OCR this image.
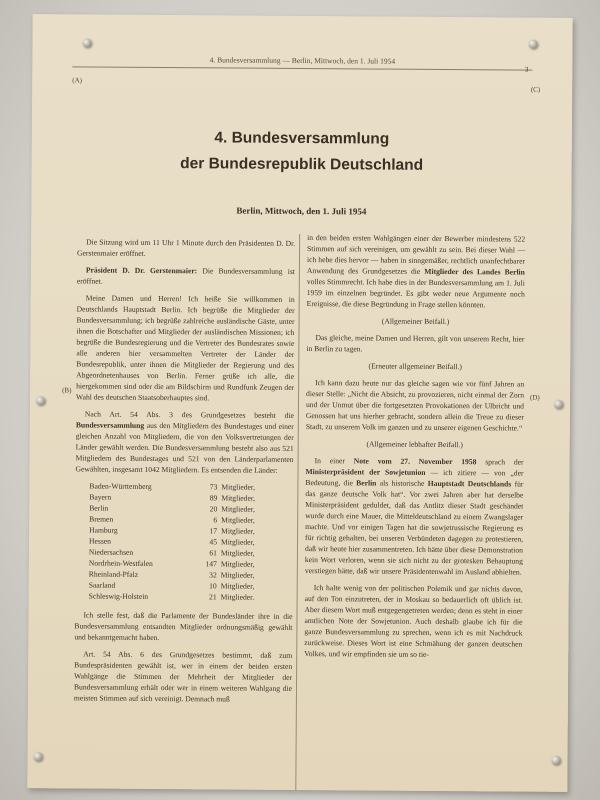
4. Bundesversammlung — Berlin, Mittwoch, den 1. Juli 1954
3
(A)
(C)
(B)
(D)
4. Bundesversammlung
der Bundesrepublik Deutschland
Berlin, Mittwoch, den 1. Juli 1954

Die Sitzung wird um 11 Uhr 1 Minute durch den Präsidenten D. Dr. Gerstenmaier eröffnet.

Präsident D. Dr. Gerstenmaier: Die Bundesversammlung ist eröffnet.

Meine Damen und Herren! Ich heiße Sie willkommen in Deutschlands Hauptstadt Berlin. Ich begrüße die Mitglieder der Bundesversammlung; ich begrüße zahlreiche ausländische Gäste, unter ihnen die Botschafter und Mitglieder der ausländischen Missionen; ich begrüße die Bundesregierung und die Vertreter des Bundesrates sowie alle anderen hier versammelten Vertreter der Länder der Bundesrepublik, unter ihnen die Mitglieder der Regierung und des Abgeordnetenhauses von Berlin. Ferner grüße ich alle, die hiergekommen sind oder die am Bildschirm und Rundfunk Zeugen der Wahl des deutschen Staatsoberhauptes sind.

Nach Art. 54 Abs. 3 des Grundgesetzes besteht die Bundesversammlung aus den Mitgliedern des Bundestages und einer gleichen Anzahl von Mitgliedern, die von den Volksvertretungen der Länder gewählt werden. Die Bundesversammlung besteht also aus 521 Mitgliedern des Bundestages und 521 von den Länderparlamenten Gewählten, insgesamt 1042 Mitgliedern. Es entsenden die Länder:

Baden-Württemberg	73	Mitglieder,
Bayern	89	Mitglieder,
Berlin	20	Mitglieder,
Bremen	6	Mitglieder,
Hamburg	17	Mitglieder,
Hessen	45	Mitglieder,
Niedersachsen	61	Mitglieder,
Nordrhein-Westfalen	147	Mitglieder,
Rheinland-Pfalz	32	Mitglieder,
Saarland	10	Mitglieder,
Schleswig-Holstein	21	Mitglieder.

Ich stelle fest, daß die Parlamente der Bundesländer ihre in die Bundesversammlung entsandten Mitglieder ordnungsmäßig gewählt und bekanntgemacht haben.

Art. 54 Abs. 6 des Grundgesetzes bestimmt, daß zum Bundespräsidenten gewählt ist, wer in einem der beiden ersten Wahlgänge die Stimmen der Mehrheit der Mitglieder der Bundesversammlung erhält oder wer in einem weiteren Wahlgang die meisten Stimmen auf sich vereinigt. Demnach muß

in den beiden ersten Wahlgängen einer der Bewerber mindestens 522 Stimmen auf sich vereinigen, um gewählt zu sein. Bei dieser Wahl — ich hebe dies hervor — haben in sinngemäßer, rechtlich unanfechtbarer Anwendung des Grundgesetzes die Mitglieder des Landes Berlin volles Stimmrecht. Ich habe dies in der Bundesversammlung am 1. Juli 1959 im einzelnen begründet. Es gibt weder neue Argumente noch Ereignisse, die diese Begründung in Frage stellen könnten.

(Allgemeiner Beifall.)

Das gleiche, meine Damen und Herren, gilt von unserem Recht, hier in Berlin zu tagen.

(Erneuter allgemeiner Beifall.)

Ich kann dazu heute nur das gleiche sagen wie vor fünf Jahren an dieser Stelle: „Nicht die Absicht, zu provozieren, nicht einmal der Zorn und der Unmut über die fortgesetzten Provokationen der Ulbricht und Genossen hat uns hierher gebracht, sondern allein die Treue zu dieser Stadt, zu unserem Volk im ganzen und zu unserer eigenen Geschichte.“

(Allgemeiner lebhafter Beifall.)

In einer Note vom 27. November 1958 sprach der Ministerpräsident der Sowjetunion — ich zitiere — von „der Bedeutung, die Berlin als historische Hauptstadt Deutschlands für das ganze deutsche Volk hat“. Vor zwei Jahren aber hat derselbe Ministerpräsident geduldet, daß das Antlitz dieser Stadt geschändet wurde durch eine Mauer, die Mitteldeutschland zu einem Zwangslager machte. Und vor einigen Tagen hat die sowjetrussische Regierung es für richtig gehalten, bei unseren Verbündeten dagegen zu protestieren, daß wir heute hier zusammentreten. Ich hätte über diese Demonstration kein Wort verloren, wenn sie sich nicht zu der grotesken Behauptung verstiegen hätte, daß wir unsere Präsidentenwahl im Ausland abhielten.

Ich halte wenig von der politischen Polemik und gar nichts davon, auf den Ton einzutreten, der in Moskau so bedauerlich oft üblich ist. Aber diesem Wort muß entgegengetreten werden; denn es steht in einer amtlichen Note der Sowjetunion. Auch deshalb glaube ich für die ganze Bundesversammlung zu sprechen, wenn ich es mit Nachdruck zurückweise. Dieses Wort ist eine Schmähung der ganzen deutschen Volkes, und wir empfinden sie um so tie-
